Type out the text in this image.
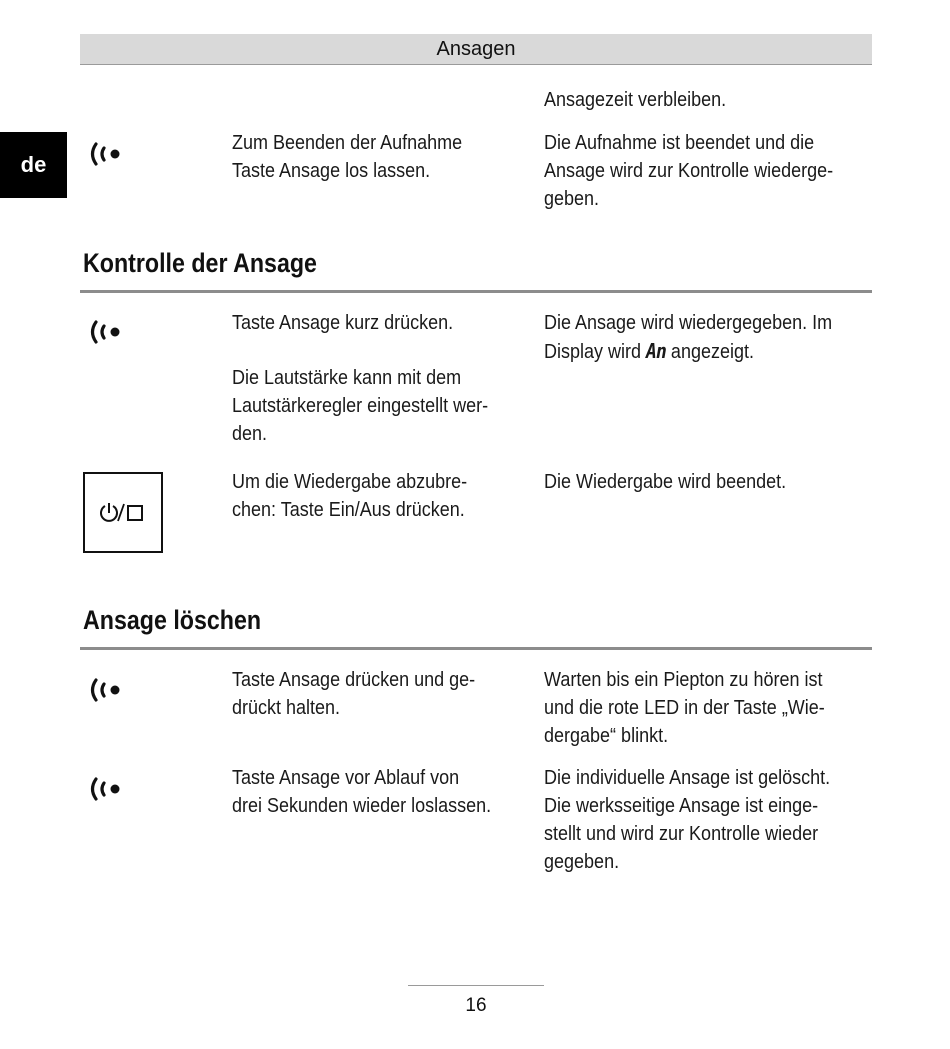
Ansagen
de

Ansagezeit verbleiben.

Zum Beenden der Aufnahme

Taste Ansage los lassen.

Die Aufnahme ist beendet und die

Ansage wird zur Kontrolle wiederge-

geben.

Kontrolle der Ansage

Taste Ansage kurz drücken.

Die Lautstärke kann mit dem

Lautstärkeregler eingestellt wer-

den.

Die Ansage wird wiedergegeben. Im

Display wird An angezeigt.

Um die Wiedergabe abzubre-

chen: Taste Ein/Aus drücken.

Die Wiedergabe wird beendet.

Ansage löschen

Taste Ansage drücken und ge-

drückt halten.

Warten bis ein Piepton zu hören ist

und die rote LED in der Taste „Wie-

dergabe“ blinkt.

Taste Ansage vor Ablauf von

drei Sekunden wieder loslassen.

Die individuelle Ansage ist gelöscht.

Die werksseitige Ansage ist einge-

stellt und wird zur Kontrolle wieder

gegeben.

16
